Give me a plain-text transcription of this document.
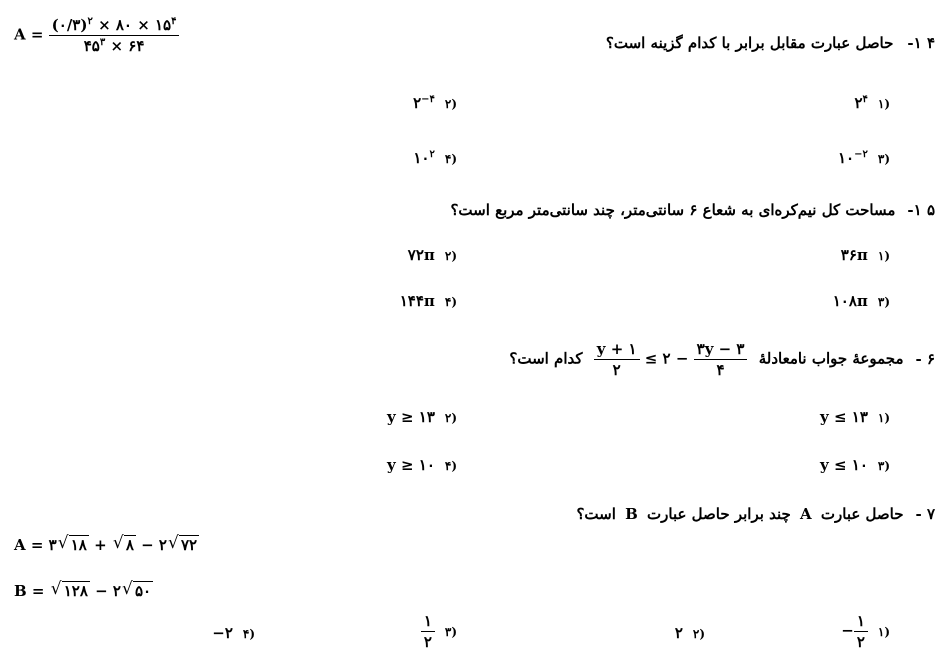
$A = \frac{(۰/۳)^۲ \times ۸۰ \times ۱۵^۴}{۴۵^۳ \times ۶۴}$	۴ ۱-حاصل عبارت مقابل برابر با کدام گزینه است؟
$۲^۴$ ۱)
$۲^{-۴}$ ۲)
$۱۰^{-۲}$ ۳)
$۱۰^۲$ ۴)
۵ ۱-مساحت کل نیم‌کره‌ای به شعاع ۶ سانتی‌متر، چند سانتی‌متر مربع است؟
۳۶π ۱)
۷۲π ۲)
۱۰۸π ۳)
۱۴۴π ۴)
۶ -مجموعهٔ جواب نامعادلهٔ
$\frac{y + ۱}{۲}$ ≤ ۲ − $\frac{۳y - ۳}{۴}$
کدام است؟
y ≤ ۱۳ ۱)
y ≥ ۱۳ ۲)
y ≤ ۱۰ ۳)
y ≥ ۱۰ ۴)
۷ -حاصل عبارت A چند برابر حاصل عبارت B است؟
A = ۳ √ ۱۸ + √ ۸ − ۲ √ ۷۲
B = √ ۱۲۸ − ۲ √ ۵۰
− $\frac{۱}{۲}$ ۱)
۲ ۲)
$\frac{۱}{۲}$ ۳)
−۲ ۴)
